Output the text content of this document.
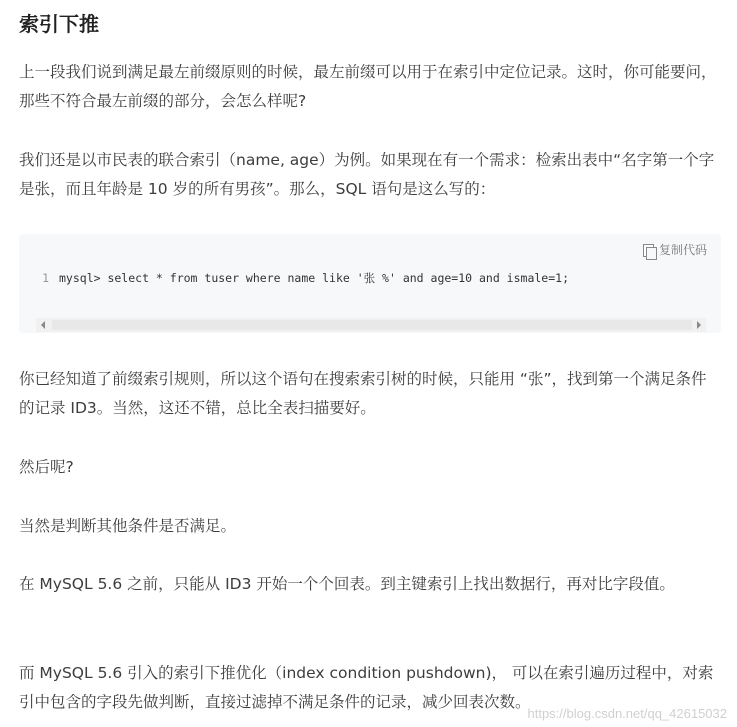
索引下推

上一段我们说到满足最左前缀原则的时候，最左前缀可以用于在索引中定位记录。这时，你可能要问，那些不符合最左前缀的部分，会怎么样呢?

我们还是以市民表的联合索引（name, age）为例。如果现在有一个需求：检索出表中“名字第一个字是张，而且年龄是 10 岁的所有男孩”。那么，SQL 语句是这么写的：

复制代码
1 mysql> select * from tuser where name like '张 %' and age=10 and ismale=1;

你已经知道了前缀索引规则，所以这个语句在搜索索引树的时候，只能用 “张”，找到第一个满足条件的记录 ID3。当然，这还不错，总比全表扫描要好。

然后呢?

当然是判断其他条件是否满足。

在 MySQL 5.6 之前，只能从 ID3 开始一个个回表。到主键索引上找出数据行，再对比字段值。

而 MySQL 5.6 引入的索引下推优化（index condition pushdown)， 可以在索引遍历过程中，对索引中包含的字段先做判断，直接过滤掉不满足条件的记录，减少回表次数。

https://blog.csdn.net/qq_42615032
